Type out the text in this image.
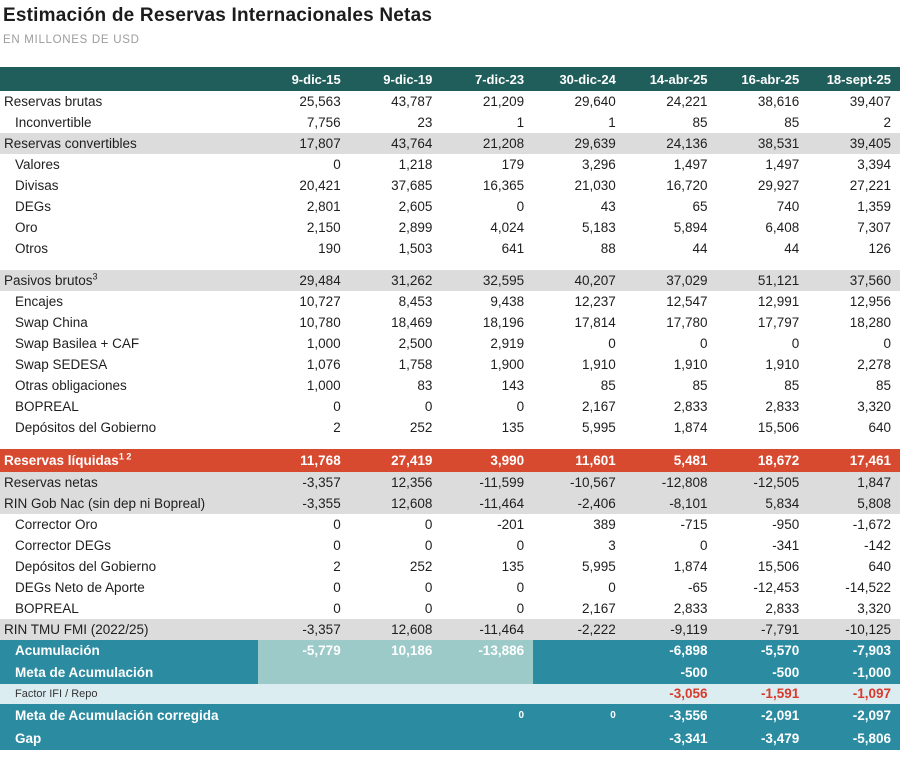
Estimación de Reservas Internacionales Netas

EN MILLONES DE USD

	9-dic-15	9-dic-19	7-dic-23	30-dic-24	14-abr-25	16-abr-25	18-sept-25
Reservas brutas	25,563	43,787	21,209	29,640	24,221	38,616	39,407
Inconvertible	7,756	23	1	1	85	85	2
Reservas convertibles	17,807	43,764	21,208	29,639	24,136	38,531	39,405
Valores	0	1,218	179	3,296	1,497	1,497	3,394
Divisas	20,421	37,685	16,365	21,030	16,720	29,927	27,221
DEGs	2,801	2,605	0	43	65	740	1,359
Oro	2,150	2,899	4,024	5,183	5,894	6,408	7,307
Otros	190	1,503	641	88	44	44	126

Pasivos brutos$^3$	29,484	31,262	32,595	40,207	37,029	51,121	37,560
Encajes	10,727	8,453	9,438	12,237	12,547	12,991	12,956
Swap China	10,780	18,469	18,196	17,814	17,780	17,797	18,280
Swap Basilea + CAF	1,000	2,500	2,919	0	0	0	0
Swap SEDESA	1,076	1,758	1,900	1,910	1,910	1,910	2,278
Otras obligaciones	1,000	83	143	85	85	85	85
BOPREAL	0	0	0	2,167	2,833	2,833	3,320
Depósitos del Gobierno	2	252	135	5,995	1,874	15,506	640

Reservas líquidas$^{1 2}$	11,768	27,419	3,990	11,601	5,481	18,672	17,461
Reservas netas	-3,357	12,356	-11,599	-10,567	-12,808	-12,505	1,847
RIN Gob Nac (sin dep ni Bopreal)	-3,355	12,608	-11,464	-2,406	-8,101	5,834	5,808
Corrector Oro	0	0	-201	389	-715	-950	-1,672
Corrector DEGs	0	0	0	3	0	-341	-142
Depósitos del Gobierno	2	252	135	5,995	1,874	15,506	640
DEGs Neto de Aporte	0	0	0	0	-65	-12,453	-14,522
BOPREAL	0	0	0	2,167	2,833	2,833	3,320
RIN TMU FMI (2022/25)	-3,357	12,608	-11,464	-2,222	-9,119	-7,791	-10,125
Acumulación	-5,779	10,186	-13,886		-6,898	-5,570	-7,903
Meta de Acumulación					-500	-500	-1,000
Factor IFI / Repo					-3,056	-1,591	-1,097
Meta de Acumulación corregida			0	0	-3,556	-2,091	-2,097
Gap					-3,341	-3,479	-5,806
